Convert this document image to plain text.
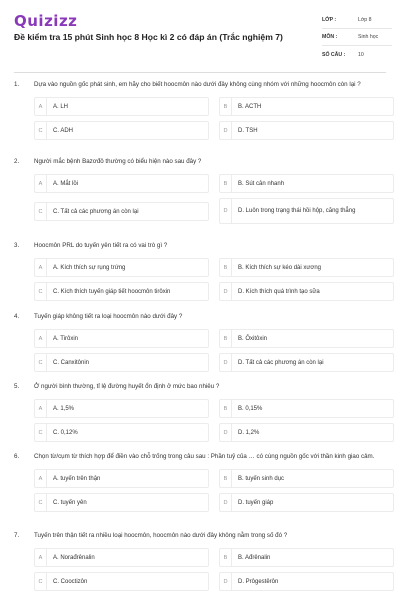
Quizizz
Đề kiểm tra 15 phút Sinh học 8 Học kì 2 có đáp án (Trắc nghiệm 7)
LỚP :	Lớp 8
MÔN :	Sinh học
SỐ CÂU :	10
1.	Dựa vào nguồn gốc phát sinh, em hãy cho biết hoocmôn nào dưới đây không cùng nhóm với những hoocmôn còn lại ?
A	A. LH	B	B. ACTH
C	C. ADH	D	D. TSH
2.	Người mắc bệnh Bazơđô thường có biểu hiện nào sau đây ?
A	A. Mắt lồi	B	B. Sút cân nhanh
C	C. Tất cả các phương án còn lại	D	D. Luôn trong trạng thái hồi hộp, căng thẳng
3.	Hoocmôn PRL do tuyến yên tiết ra có vai trò gì ?
A	A. Kích thích sự rụng trứng	B	B. Kích thích sự kéo dài xương
C	C. Kích thích tuyến giáp tiết hoocmôn tirôxin	D	D. Kích thích quá trình tạo sữa
4.	Tuyến giáp không tiết ra loại hoocmôn nào dưới đây ?
A	A. Tirôxin	B	B. Ôxitôxin
C	C. Canxitônin	D	D. Tất cả các phương án còn lại
5.	Ở người bình thường, tỉ lệ đường huyết ổn định ở mức bao nhiêu ?
A	A. 1,5%	B	B. 0,15%
C	C. 0,12%	D	D. 1,2%
6.	Chọn từ/cụm từ thích hợp để điền vào chỗ trống trong câu sau : Phần tuỷ của … có cùng nguồn gốc với thần kinh giao cảm.
A	A. tuyến trên thận	B	B. tuyến sinh dục
C	C. tuyến yên	D	D. tuyến giáp
7.	Tuyến trên thận tiết ra nhiều loại hoocmôn, hoocmôn nào dưới đây không nằm trong số đó ?
A	A. Norađrênalin	B	B. Ađrênalin
C	C. Cooctizôn	D	D. Prôgestêrôn
